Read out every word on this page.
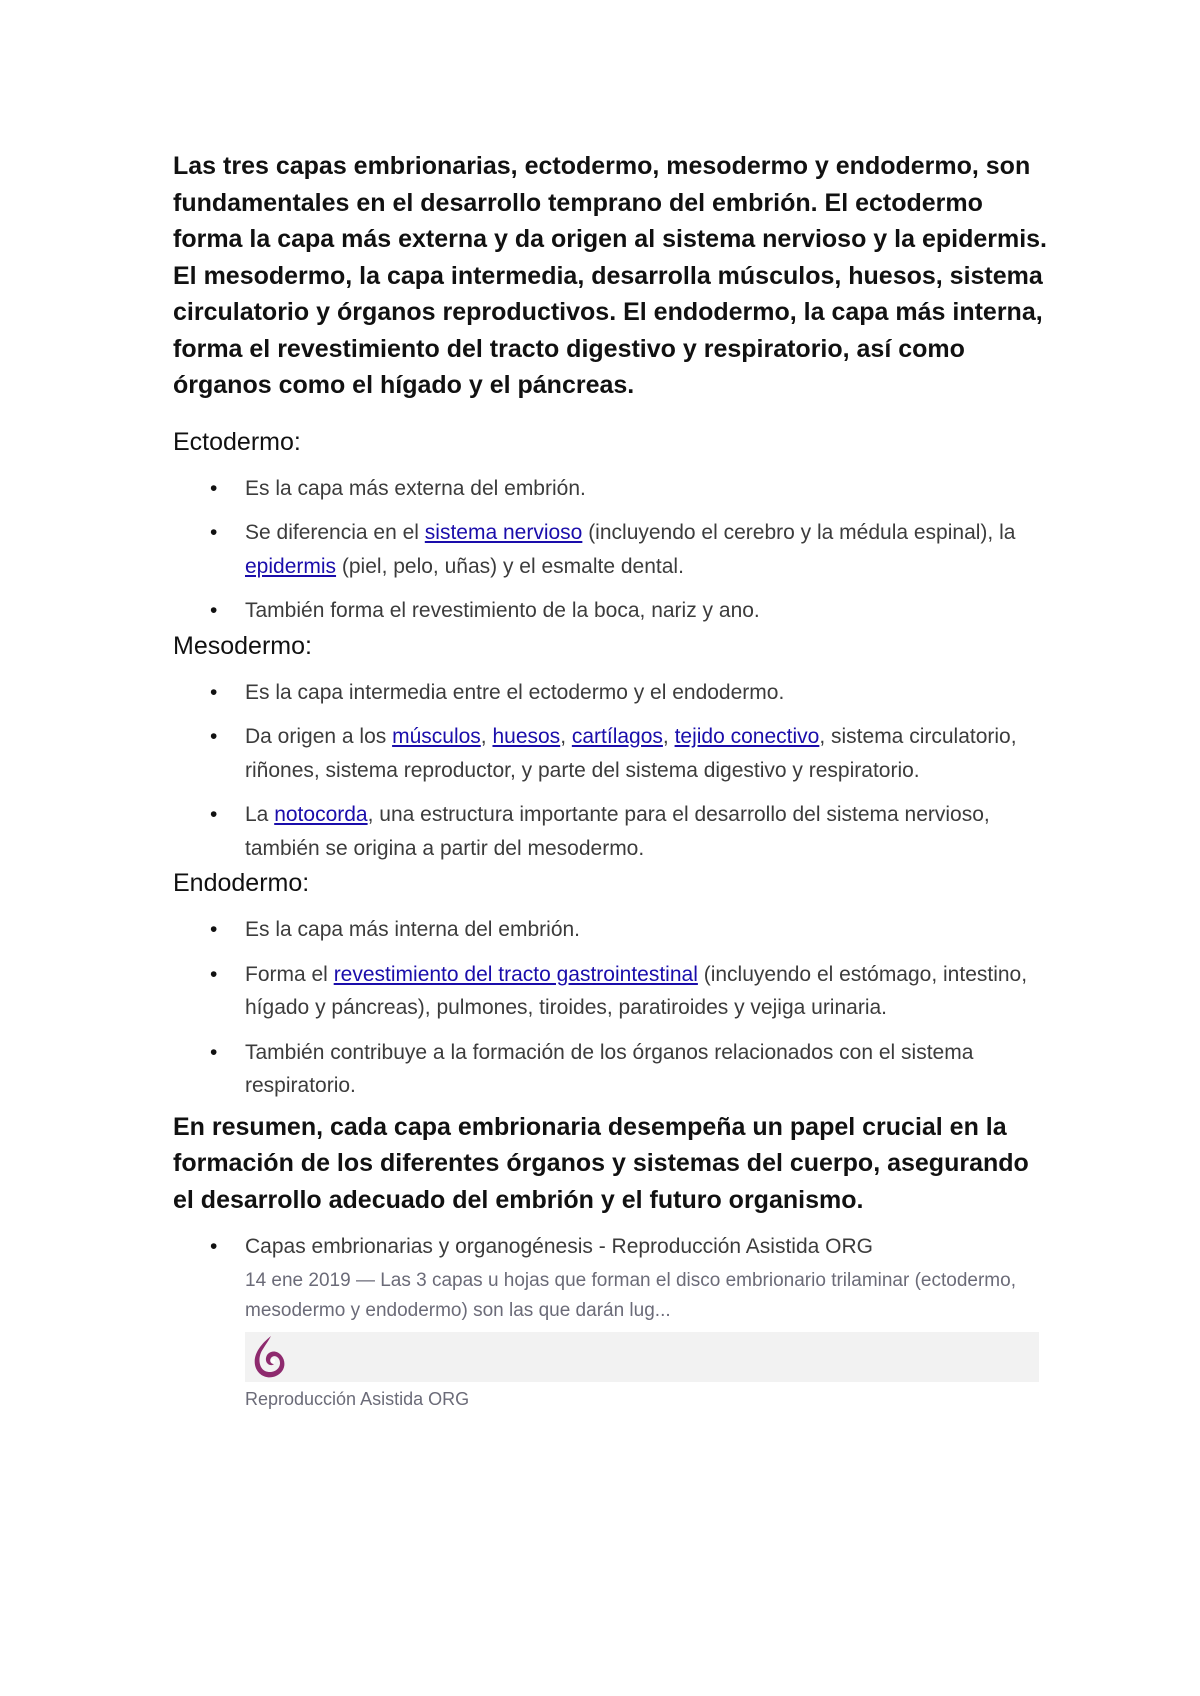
Las tres capas embrionarias, ectodermo, mesodermo y endodermo, son fundamentales en el desarrollo temprano del embrión. El ectodermo forma la capa más externa y da origen al sistema nervioso y la epidermis. El mesodermo, la capa intermedia, desarrolla músculos, huesos, sistema circulatorio y órganos reproductivos. El endodermo, la capa más interna, forma el revestimiento del tracto digestivo y respiratorio, así como órganos como el hígado y el páncreas.

Ectodermo:
• Es la capa más externa del embrión.
• Se diferencia en el sistema nervioso (incluyendo el cerebro y la médula espinal), la epidermis (piel, pelo, uñas) y el esmalte dental.
• También forma el revestimiento de la boca, nariz y ano.
Mesodermo:
• Es la capa intermedia entre el ectodermo y el endodermo.
• Da origen a los músculos, huesos, cartílagos, tejido conectivo, sistema circulatorio, riñones, sistema reproductor, y parte del sistema digestivo y respiratorio.
• La notocorda, una estructura importante para el desarrollo del sistema nervioso, también se origina a partir del mesodermo.
Endodermo:
• Es la capa más interna del embrión.
• Forma el revestimiento del tracto gastrointestinal (incluyendo el estómago, intestino, hígado y páncreas), pulmones, tiroides, paratiroides y vejiga urinaria.
• También contribuye a la formación de los órganos relacionados con el sistema respiratorio.

En resumen, cada capa embrionaria desempeña un papel crucial en la formación de los diferentes órganos y sistemas del cuerpo, asegurando el desarrollo adecuado del embrión y el futuro organismo.

• Capas embrionarias y organogénesis - Reproducción Asistida ORG
14 ene 2019 — Las 3 capas u hojas que forman el disco embrionario trilaminar (ectodermo, mesodermo y endodermo) son las que darán lug...
Reproducción Asistida ORG
